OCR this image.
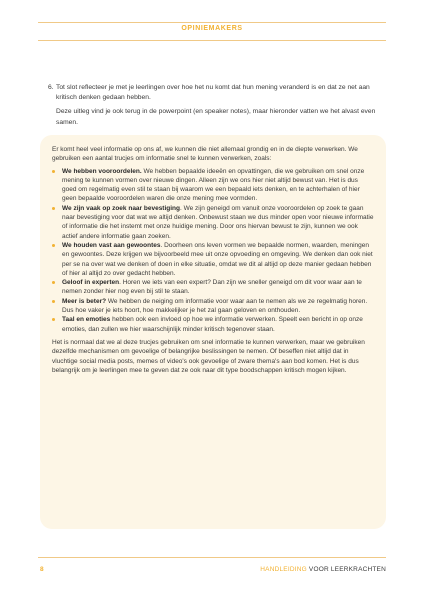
OPINIEMAKERS
6. Tot slot reflecteer je met je leerlingen over hoe het nu komt dat hun mening veranderd is en dat ze net aan kritisch denken gedaan hebben.

Deze uitleg vind je ook terug in de powerpoint (en speaker notes), maar hieronder vatten we het alvast even samen.

Er komt heel veel informatie op ons af, we kunnen die niet allemaal grondig en in de diepte verwerken. We gebruiken een aantal trucjes om informatie snel te kunnen verwerken, zoals:

We hebben vooroordelen. We hebben bepaalde ideeën en opvattingen, die we gebruiken om snel onze mening te kunnen vormen over nieuwe dingen. Alleen zijn we ons hier niet altijd bewust van. Het is dus goed om regelmatig even stil te staan bij waarom we een bepaald iets denken, en te achterhalen of hier geen bepaalde vooroordelen waren die onze mening mee vormden.
We zijn vaak op zoek naar bevestiging. We zijn geneigd om vanuit onze vooroordelen op zoek te gaan naar bevestiging voor dat wat we altijd denken. Onbewust staan we dus minder open voor nieuwe informatie of informatie die het instemt met onze huidige mening. Door ons hiervan bewust te zijn, kunnen we ook actief andere informatie gaan zoeken.
We houden vast aan gewoontes. Doorheen ons leven vormen we bepaalde normen, waarden, meningen en gewoontes. Deze krijgen we bijvoorbeeld mee uit onze opvoeding en omgeving. We denken dan ook niet per se na over wat we denken of doen in elke situatie, omdat we dit al altijd op deze manier gedaan hebben of hier al altijd zo over gedacht hebben.
Geloof in experten. Horen we iets van een expert? Dan zijn we sneller geneigd om dit voor waar aan te nemen zonder hier nog even bij stil te staan.
Meer is beter? We hebben de neiging om informatie voor waar aan te nemen als we ze regelmatig horen. Dus hoe vaker je iets hoort, hoe makkelijker je het zal gaan geloven en onthouden.
Taal en emoties hebben ook een invloed op hoe we informatie verwerken. Speelt een bericht in op onze emoties, dan zullen we hier waarschijnlijk minder kritisch tegenover staan.

Het is normaal dat we al deze trucjes gebruiken om snel informatie te kunnen verwerken, maar we gebruiken dezelfde mechanismen om gevoelige of belangrijke beslissingen te nemen. Of beseffen niet altijd dat in vluchtige social media posts, memes of video's ook gevoelige of zware thema's aan bod komen. Het is dus belangrijk om je leerlingen mee te geven dat ze ook naar dit type boodschappen kritisch mogen kijken.

8	HANDLEIDING VOOR LEERKRACHTEN
